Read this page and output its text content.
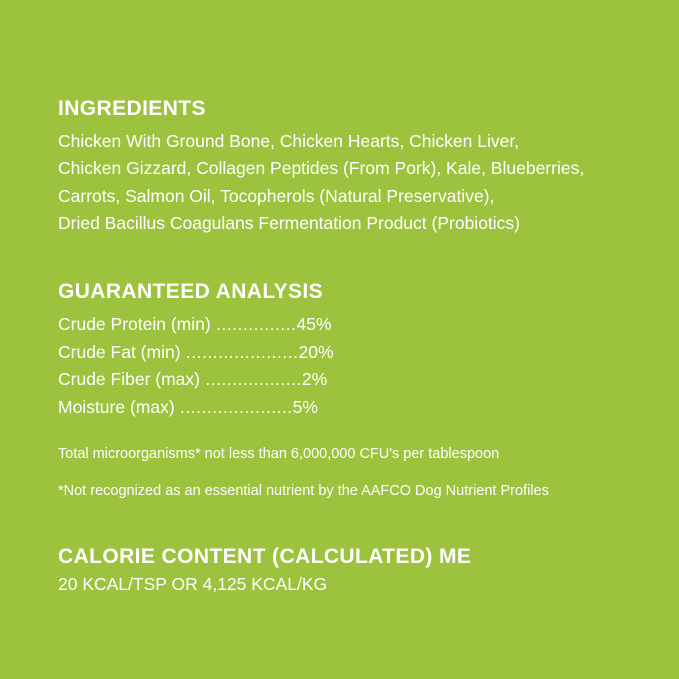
INGREDIENTS
Chicken With Ground Bone, Chicken Hearts, Chicken Liver,
Chicken Gizzard, Collagen Peptides (From Pork), Kale, Blueberries,
Carrots, Salmon Oil, Tocopherols (Natural Preservative),
Dried Bacillus Coagulans Fermentation Product (Probiotics)
GUARANTEED ANALYSIS
Crude Protein (min) ...............45%
Crude Fat (min) .....................20%
Crude Fiber (max) ..................2%
Moisture (max) .....................5%

Total microorganisms* not less than 6,000,000 CFU's per tablespoon

*Not recognized as an essential nutrient by the AAFCO Dog Nutrient Profiles

CALORIE CONTENT (CALCULATED) ME

20 KCAL/TSP OR 4,125 KCAL/KG
